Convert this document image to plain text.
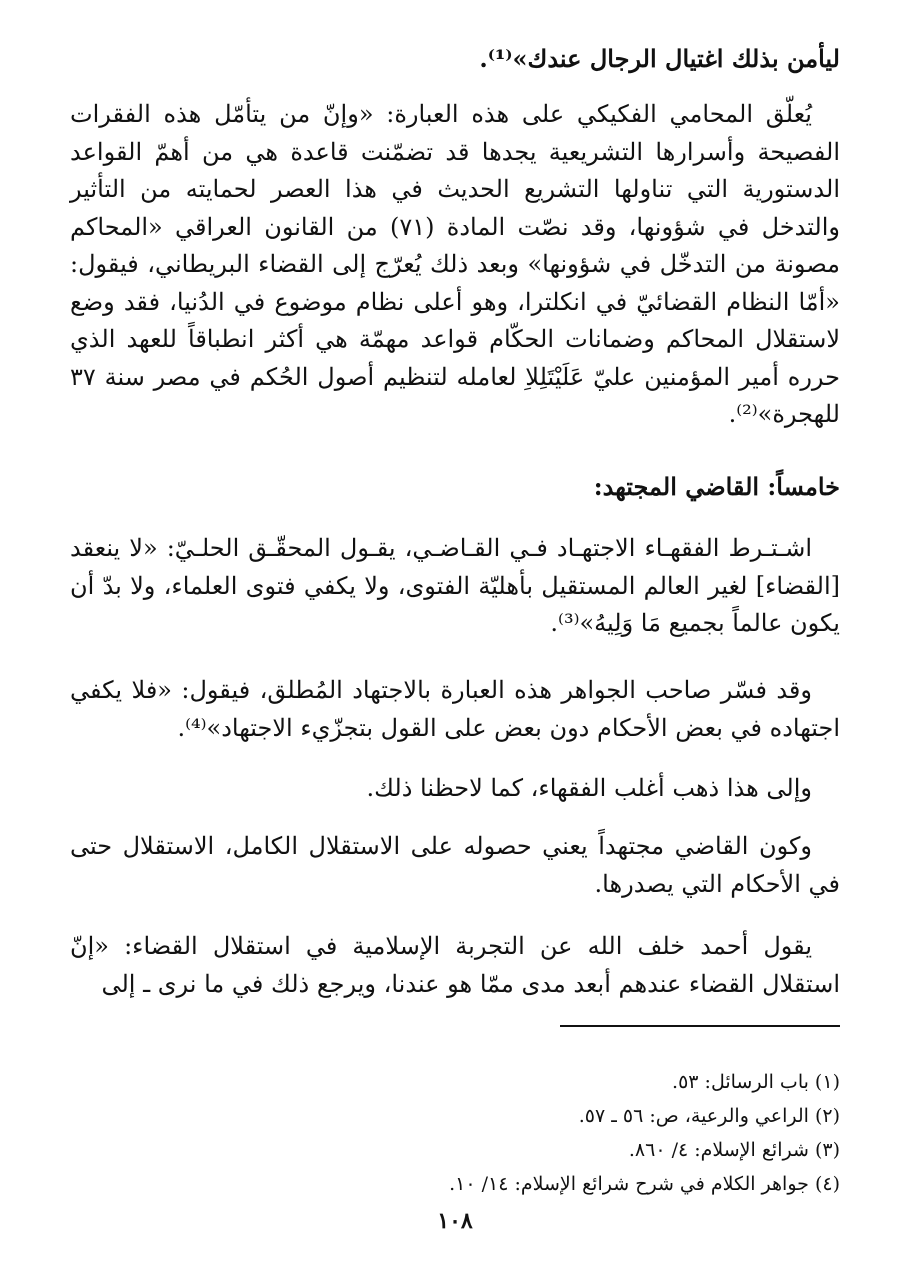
ليأمن بذلك اغتيال الرجال عندك»⁽¹⁾.

يُعلّق المحامي الفكيكي على هذه العبارة: «وإنّ من يتأمّل هذه الفقرات الفصيحة وأسرارها التشريعية يجدها قد تضمّنت قاعدة هي من أهمّ القواعد الدستورية التي تناولها التشريع الحديث في هذا العصر لحمايته من التأثير والتدخل في شؤونها، وقد نصّت المادة (٧١) من القانون العراقي «المحاكم مصونة من التدخّل في شؤونها» وبعد ذلك يُعرّج إلى القضاء البريطاني، فيقول: «أمّا النظام القضائيّ في انكلترا، وهو أعلى نظام موضوع في الدُنيا، فقد وضع لاستقلال المحاكم وضمانات الحكّام قواعد مهمّة هي أكثر انطباقاً للعهد الذي حرره أمير المؤمنين عليّ عَلَيْتَلِلاِ لعامله لتنظيم أصول الحُكم في مصر سنة ٣٧ للهجرة»⁽²⁾.

خامساً: القاضي المجتهد:

اشـتـرط الفقهـاء الاجتهـاد فـي القـاضـي، يقـول المحقّـق الحلـيّ: «لا ينعقد [القضاء] لغير العالم المستقيل بأهليّة الفتوى، ولا يكفي فتوى العلماء، ولا بدّ أن يكون عالماً بجميع مَا وَلِيهُ»⁽³⁾.

وقد فسّر صاحب الجواهر هذه العبارة بالاجتهاد المُطلق، فيقول: «فلا يكفي اجتهاده في بعض الأحكام دون بعض على القول بتجزّيء الاجتهاد»⁽⁴⁾.

وإلى هذا ذهب أغلب الفقهاء، كما لاحظنا ذلك.

وكون القاضي مجتهداً يعني حصوله على الاستقلال الكامل، الاستقلال حتى في الأحكام التي يصدرها.

يقول أحمد خلف الله عن التجربة الإسلامية في استقلال القضاء: «إنّ استقلال القضاء عندهم أبعد مدى ممّا هو عندنا، ويرجع ذلك في ما نرى ـ إلى

(١) باب الرسائل: ٥٣.
(٢) الراعي والرعية، ص: ٥٦ ـ ٥٧.
(٣) شرائع الإسلام: ٤/ ٨٦٠.
(٤) جواهر الكلام في شرح شرائع الإسلام: ١٤/ ١٠.
١٠٨
